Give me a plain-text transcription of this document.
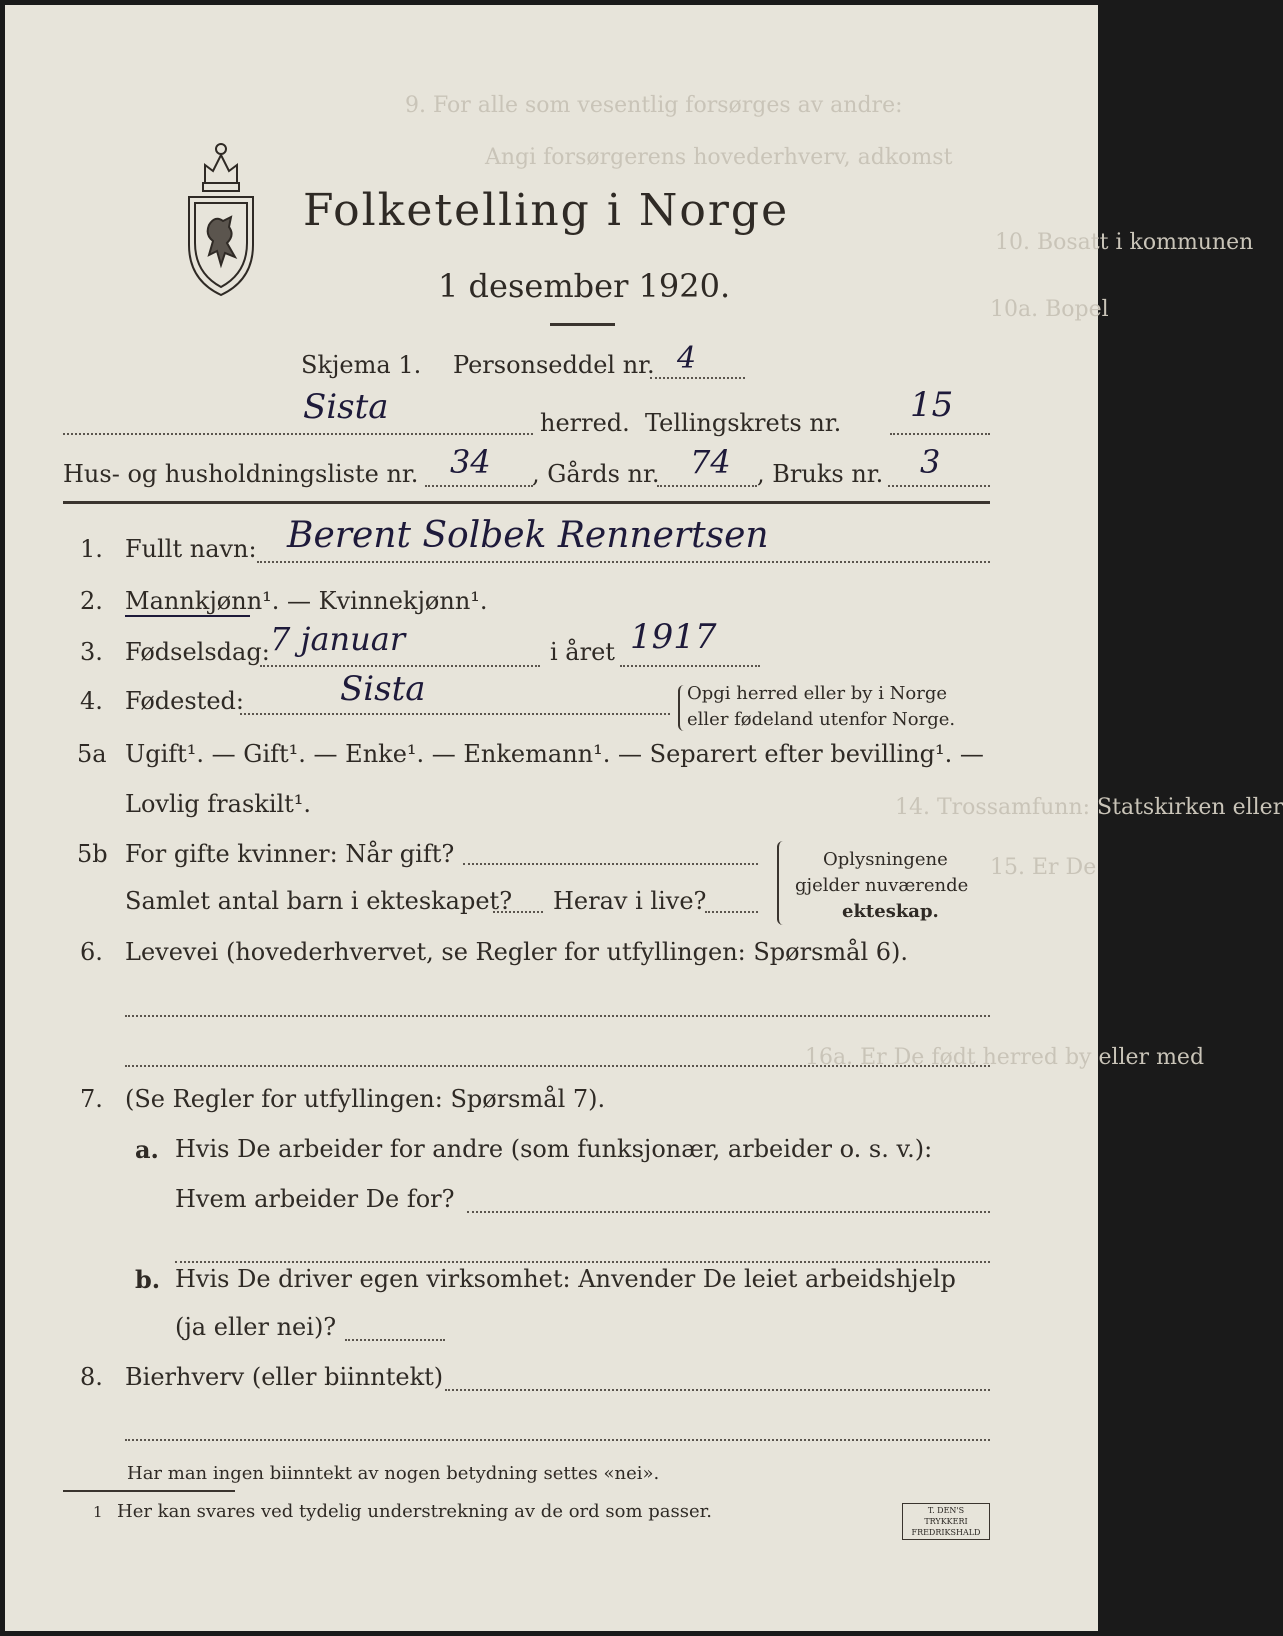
9. For alle som vesentlig forsørges av andre:
Angi forsørgerens hovederhverv, adkomst
10. Bosatt i kommunen
10a. Bopel
14. Trossamfunn: Statskirken eller
15. Er De
16a. Er De født herred by eller med
Folketelling i Norge
1 desember 1920.
Skjema 1. Personseddel nr. 4
Sista	herred. Tellingskrets nr. 15
Hus- og husholdningsliste nr. 34 , Gårds nr. 74 , Bruks nr. 3
1. Fullt navn: Berent Solbek Rennertsen
2. Mannkjønn¹. — Kvinnekjønn¹.
3. Fødselsdag: 7 januar	i året 1917
4. Fødested:	Sista	Opgi herred eller by i Norge
eller fødeland utenfor Norge.
5a Ugift¹. — Gift¹. — Enke¹. — Enkemann¹. — Separert efter bevilling¹. —
Lovlig fraskilt¹.
5b For gifte kvinner: Når gift?
Samlet antal barn i ekteskapet? Herav i live?
Oplysningene
gjelder nuværende
ekteskap.
6. Levevei (hovederhvervet, se Regler for utfyllingen: Spørsmål 6).
7. (Se Regler for utfyllingen: Spørsmål 7).
a. Hvis De arbeider for andre (som funksjonær, arbeider o. s. v.):
Hvem arbeider De for?
b. Hvis De driver egen virksomhet: Anvender De leiet arbeidshjelp
(ja eller nei)?
8. Bierhverv (eller biinntekt)
Har man ingen biinntekt av nogen betydning settes «nei».
1 Her kan svares ved tydelig understrekning av de ord som passer.	T. DEN'S TRYKKERI
FREDRIKSHALD
